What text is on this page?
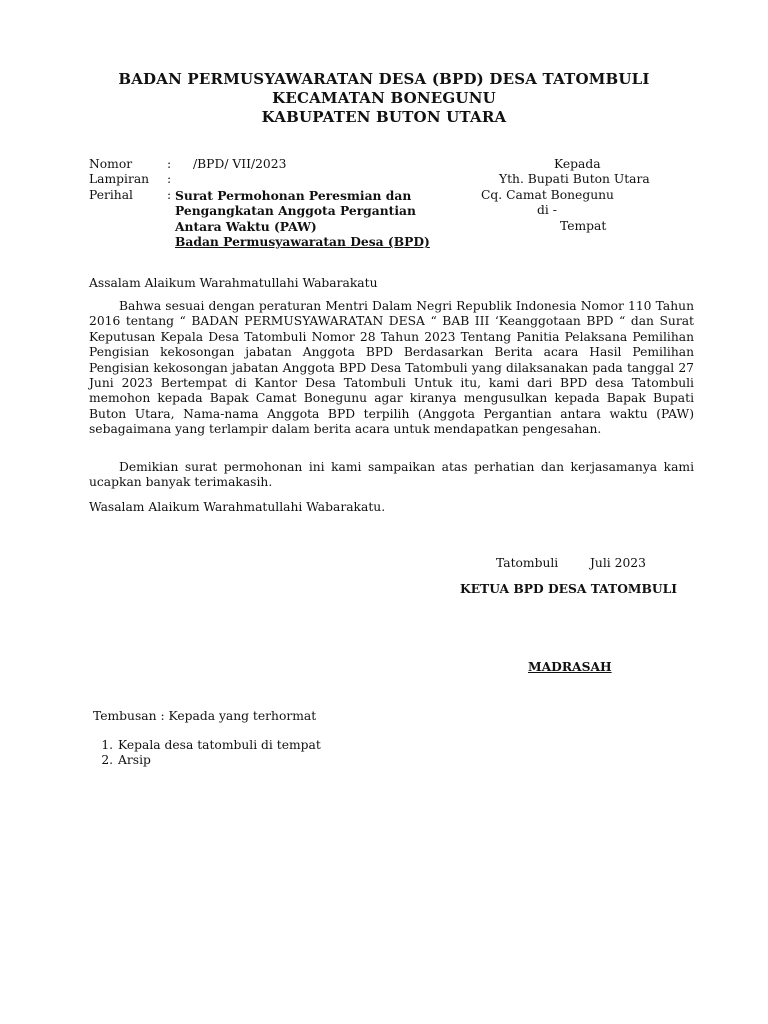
BADAN PERMUSYAWARATAN DESA (BPD) DESA TATOMBULI
KECAMATAN BONEGUNU
KABUPATEN BUTON UTARA
Nomor	:	/BPD/ VII/2023
Lampiran	:
Perihal	: Surat Permohonan Peresmian dan
Pengangkatan Anggota Pergantian
Antara Waktu (PAW)
Badan Permusyawaratan Desa (BPD)
Kepada
Yth. Bupati Buton Utara
Cq. Camat Bonegunu
di -
Tempat
Assalam Alaikum Warahmatullahi Wabarakatu
Bahwa sesuai dengan peraturan Mentri Dalam Negri Republik Indonesia Nomor 110 Tahun 2016 tentang “ BADAN PERMUSYAWARATAN DESA “ BAB III ‘Keanggotaan BPD “ dan Surat Keputusan Kepala Desa Tatombuli Nomor 28 Tahun 2023 Tentang Panitia Pelaksana Pemilihan Pengisian kekosongan jabatan Anggota BPD Berdasarkan Berita acara Hasil Pemilihan Pengisian kekosongan jabatan Anggota BPD Desa Tatombuli yang dilaksanakan pada tanggal 27 Juni 2023 Bertempat di Kantor Desa Tatombuli Untuk itu, kami dari BPD desa Tatombuli memohon kepada Bapak Camat Bonegunu agar kiranya mengusulkan kepada Bapak Bupati Buton Utara, Nama-nama Anggota BPD terpilih (Anggota Pergantian antara waktu (PAW) sebagaimana yang terlampir dalam berita acara untuk mendapatkan pengesahan.
Demikian surat permohonan ini kami sampaikan atas perhatian dan kerjasamanya kami ucapkan banyak terimakasih.
Wasalam Alaikum Warahmatullahi Wabarakatu.
Tatombuli	Juli 2023
KETUA BPD DESA TATOMBULI
MADRASAH
Tembusan : Kepada yang terhormat
1. Kepala desa tatombuli di tempat
2. Arsip
